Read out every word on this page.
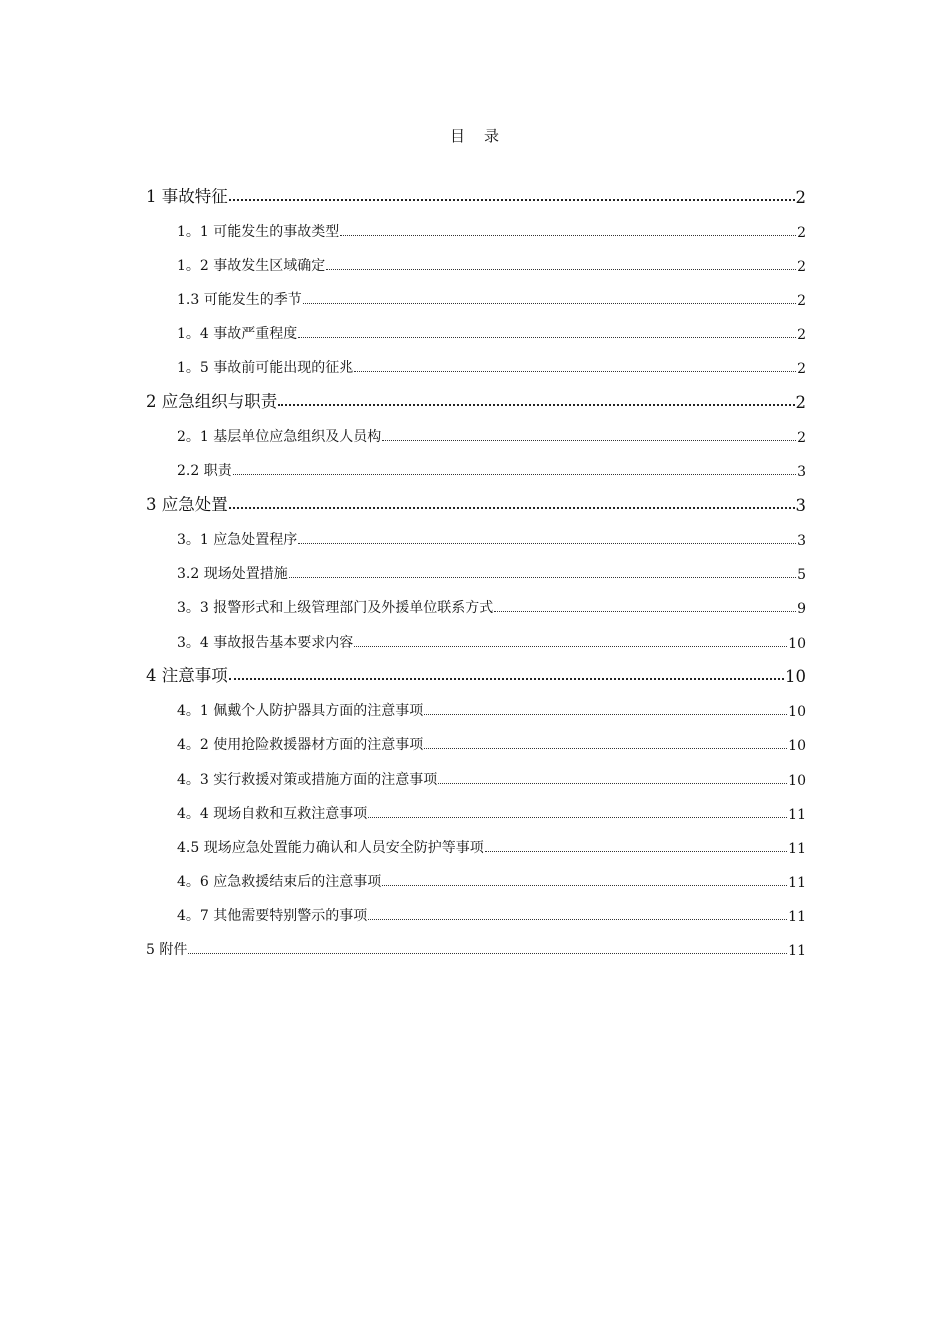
目 录
1 事故特征	2
1。1 可能发生的事故类型	2
1。2 事故发生区域确定	2
1.3 可能发生的季节	2
1。4 事故严重程度	2
1。5 事故前可能出现的征兆	2
2 应急组织与职责	2
2。1 基层单位应急组织及人员构	2
2.2 职责	3
3 应急处置	3
3。1 应急处置程序	3
3.2 现场处置措施	5
3。3 报警形式和上级管理部门及外援单位联系方式	9
3。4 事故报告基本要求内容	10
4 注意事项	10
4。1 佩戴个人防护器具方面的注意事项	10
4。2 使用抢险救援器材方面的注意事项	10
4。3 实行救援对策或措施方面的注意事项	10
4。4 现场自救和互救注意事项	11
4.5 现场应急处置能力确认和人员安全防护等事项	11
4。6 应急救援结束后的注意事项	11
4。7 其他需要特别警示的事项	11
5 附件	11
